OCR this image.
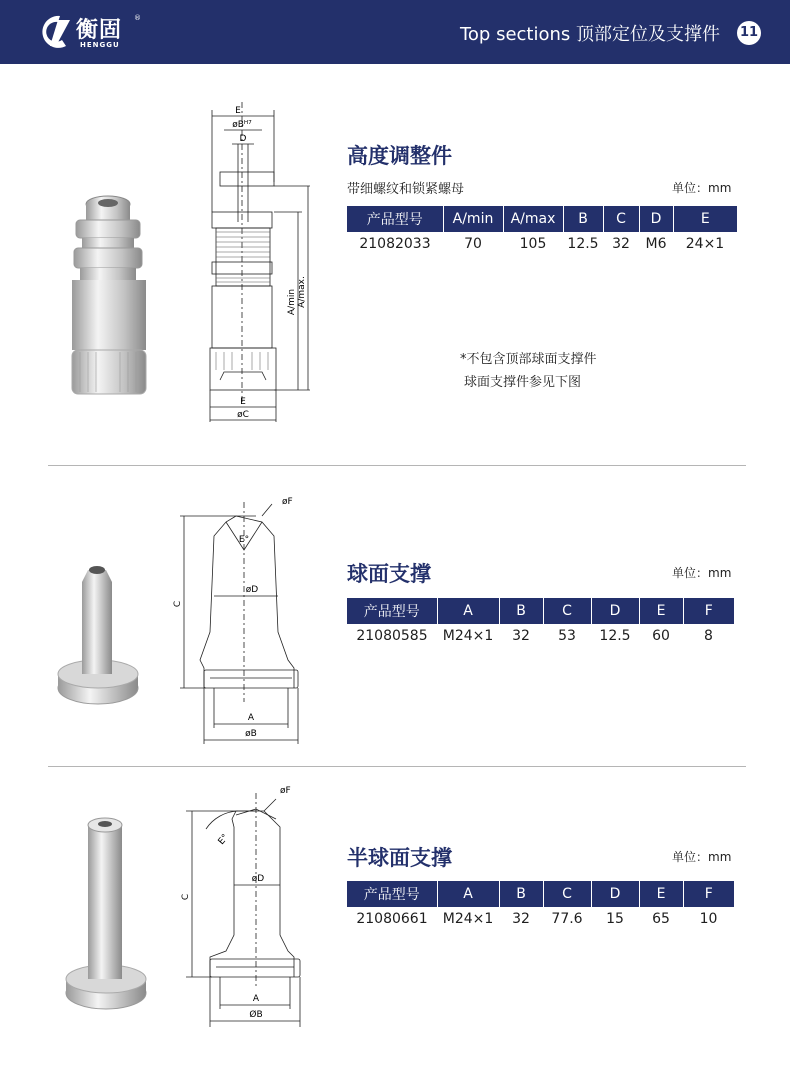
衡固
HENGGU
®
Top sections 顶部定位及支撑件 11
E
øBᴴ⁷
D
A/min A/max.
E
øC
高度调整件
带细螺纹和锁紧螺母	单位：mm
产品型号	A/min	A/max	B	C	D	E
21082033	70	105	12.5	32	M6	24×1
*不包含顶部球面支撑件
球面支撑件参见下图
øF
E°
øD
C
A
øB
球面支撑	单位：mm
产品型号	A	B	C	D	E	F
21080585	M24×1	32	53	12.5	60	8
øF
E°
øD
C
A
ØB
半球面支撑	单位：mm
产品型号	A	B	C	D	E	F
21080661	M24×1	32	77.6	15	65	10
